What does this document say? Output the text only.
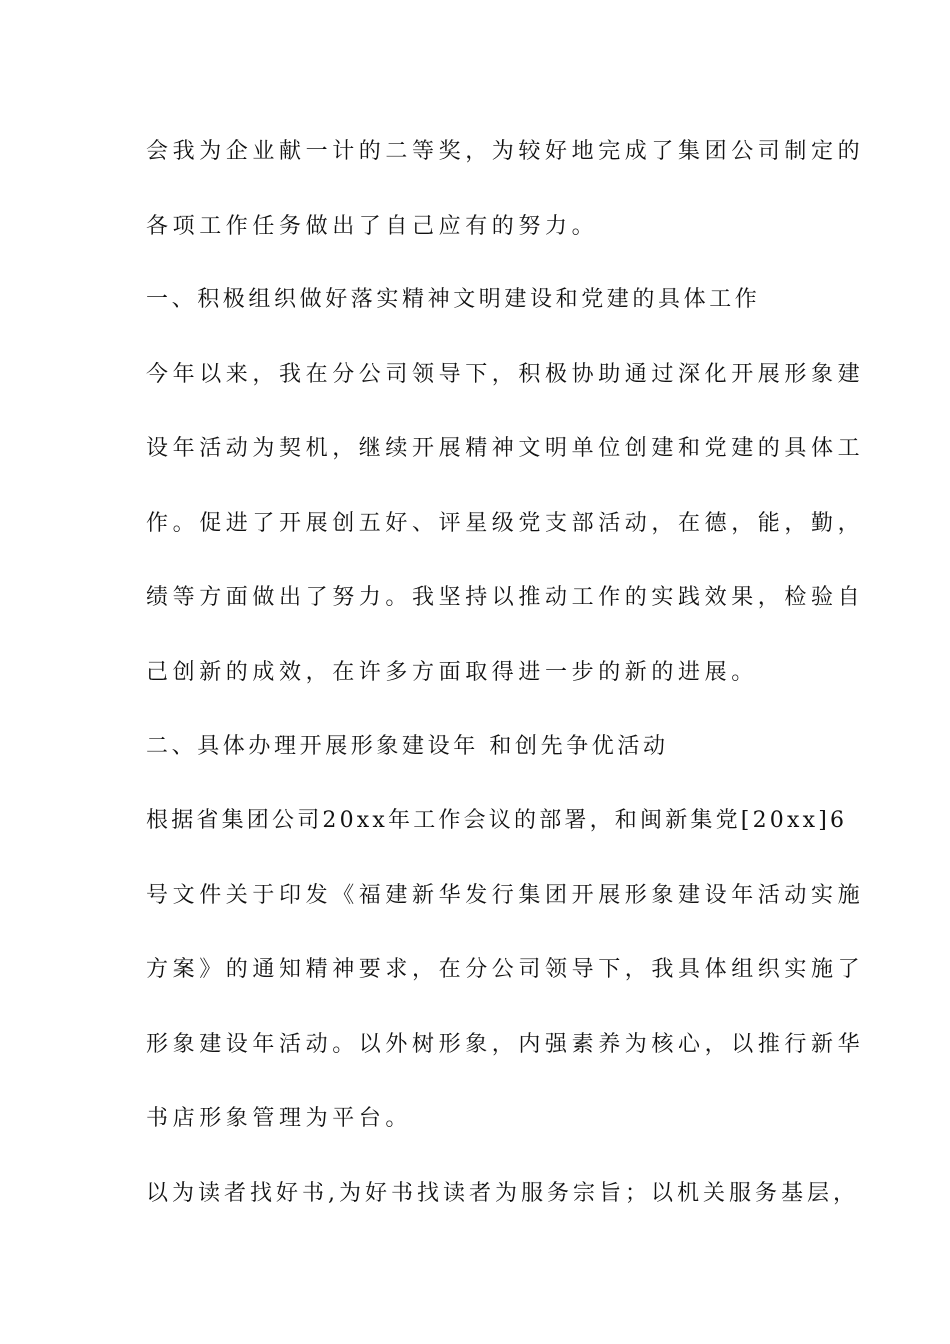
会我为企业献一计的二等奖，为较好地完成了集团公司制定的
各项工作任务做出了自己应有的努力。
一、积极组织做好落实精神文明建设和党建的具体工作
今年以来，我在分公司领导下，积极协助通过深化开展形象建
设年活动为契机，继续开展精神文明单位创建和党建的具体工
作。促进了开展创五好、评星级党支部活动，在德，能，勤，
绩等方面做出了努力。我坚持以推动工作的实践效果，检验自
己创新的成效，在许多方面取得进一步的新的进展。
二、具体办理开展形象建设年 和创先争优活动
根据省集团公司20xx年工作会议的部署，和闽新集党[20xx]6
号文件关于印发《福建新华发行集团开展形象建设年活动实施
方案》的通知精神要求，在分公司领导下，我具体组织实施了
形象建设年活动。以外树形象，内强素养为核心，以推行新华
书店形象管理为平台。
以为读者找好书,为好书找读者为服务宗旨；以机关服务基层，
